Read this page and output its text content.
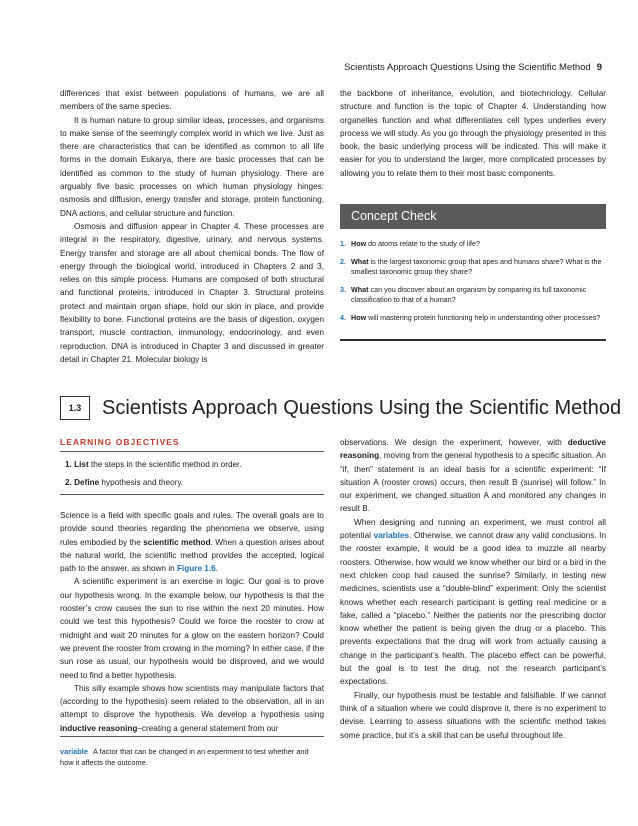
Scientists Approach Questions Using the Scientific Method 9

differences that exist between populations of humans, we are all members of the same species.

It is human nature to group similar ideas, processes, and organisms to make sense of the seemingly complex world in which we live. Just as there are characteristics that can be identified as common to all life forms in the domain Eukarya, there are basic processes that can be identified as common to the study of human physiology. There are arguably five basic processes on which human physiology hinges: osmosis and diffusion, energy transfer and storage, protein functioning, DNA actions, and cellular structure and function.

Osmosis and diffusion appear in Chapter 4. These processes are integral in the respiratory, digestive, urinary, and nervous systems. Energy transfer and storage are all about chemical bonds. The flow of energy through the biological world, introduced in Chapters 2 and 3, relies on this simple process. Humans are composed of both structural and functional proteins, introduced in Chapter 3. Structural proteins protect and maintain organ shape, hold our skin in place, and provide flexibility to bone. Functional proteins are the basis of digestion, oxygen transport, muscle contraction, immunology, endocrinology, and even reproduction. DNA is introduced in Chapter 3 and discussed in greater detail in Chapter 21. Molecular biology is

the backbone of inheritance, evolution, and biotechnology. Cellular structure and function is the topic of Chapter 4. Understanding how organelles function and what differentiates cell types underlies every process we will study. As you go through the physiology presented in this book, the basic underlying process will be indicated. This will make it easier for you to understand the larger, more complicated processes by allowing you to relate them to their most basic components.

Concept Check
1. How do atoms relate to the study of life?
2. What is the largest taxonomic group that apes and humans share? What is the smallest taxonomic group they share?
3. What can you discover about an organism by comparing its full taxonomic classification to that of a human?
4. How will mastering protein functioning help in understanding other processes?
1.3	Scientists Approach Questions Using the Scientific Method
LEARNING OBJECTIVES
1. List the steps in the scientific method in order.
2. Define hypothesis and theory.

Science is a field with specific goals and rules. The overall goals are to provide sound theories regarding the phenomena we observe, using rules embodied by the scientific method. When a question arises about the natural world, the scientific method provides the accepted, logical path to the answer, as shown in Figure 1.6.

A scientific experiment is an exercise in logic: Our goal is to prove our hypothesis wrong. In the example below, our hypothesis is that the rooster’s crow causes the sun to rise within the next 20 minutes. How could we test this hypothesis? Could we force the rooster to crow at midnight and wait 20 minutes for a glow on the eastern horizon? Could we prevent the rooster from crowing in the morning? In either case, if the sun rose as usual, our hypothesis would be disproved, and we would need to find a better hypothesis.

This silly example shows how scientists may manipulate factors that (according to the hypothesis) seem related to the observation, all in an attempt to disprove the hypothesis. We develop a hypothesis using inductive reasoning–creating a general statement from our

observations. We design the experiment, however, with deductive reasoning, moving from the general hypothesis to a specific situation. An “if, then” statement is an ideal basis for a scientific experiment: “If situation A (rooster crows) occurs, then result B (sunrise) will follow.” In our experiment, we changed situation A and monitored any changes in result B.

When designing and running an experiment, we must control all potential variables. Otherwise, we cannot draw any valid conclusions. In the rooster example, it would be a good idea to muzzle all nearby roosters. Otherwise, how would we know whether our bird or a bird in the next chicken coop had caused the sunrise? Similarly, in testing new medicines, scientists use a “double-blind” experiment: Only the scientist knows whether each research participant is getting real medicine or a fake, called a “placebo.” Neither the patients nor the prescribing doctor know whether the patient is being given the drug or a placebo. This prevents expectations that the drug will work from actually causing a change in the participant’s health. The placebo effect can be powerful, but the goal is to test the drug, not the research participant’s expectations.

Finally, our hypothesis must be testable and falsifiable. If we cannot think of a situation where we could disprove it, there is no experiment to devise. Learning to assess situations with the scientific method takes some practice, but it’s a skill that can be useful throughout life.

variable A factor that can be changed in an experiment to test whether and how it affects the outcome.
